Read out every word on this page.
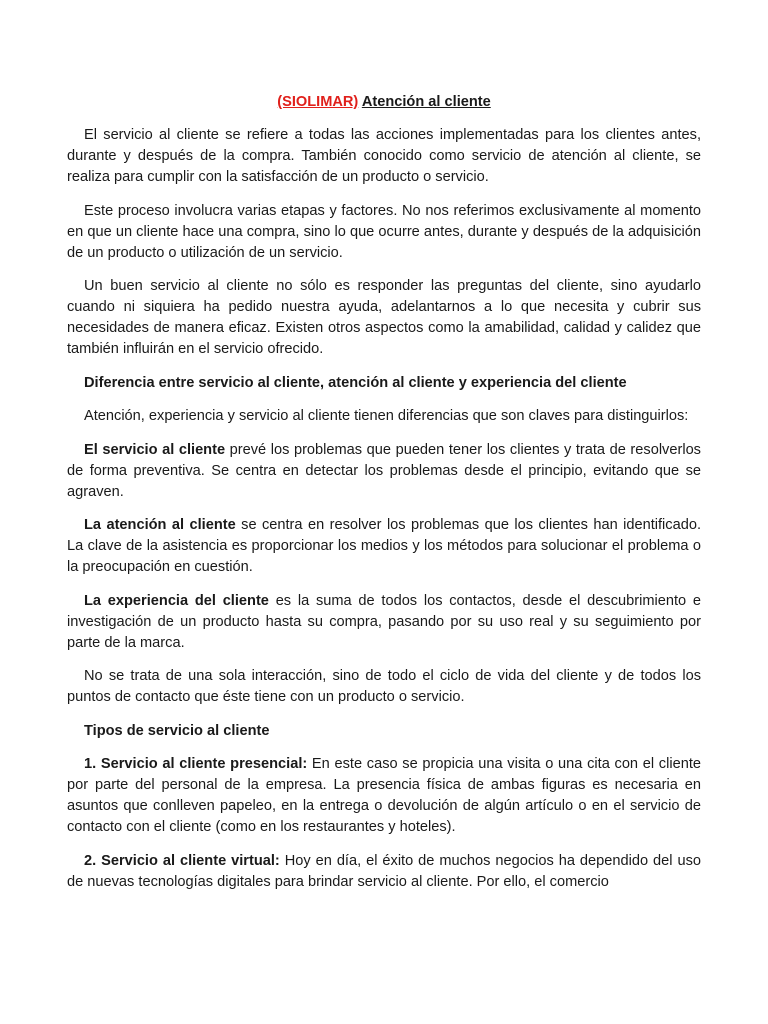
(SIOLIMAR) Atención al cliente

El servicio al cliente se refiere a todas las acciones implementadas para los clientes antes, durante y después de la compra. También conocido como servicio de atención al cliente, se realiza para cumplir con la satisfacción de un producto o servicio.

Este proceso involucra varias etapas y factores. No nos referimos exclusivamente al momento en que un cliente hace una compra, sino lo que ocurre antes, durante y después de la adquisición de un producto o utilización de un servicio.

Un buen servicio al cliente no sólo es responder las preguntas del cliente, sino ayudarlo cuando ni siquiera ha pedido nuestra ayuda, adelantarnos a lo que necesita y cubrir sus necesidades de manera eficaz. Existen otros aspectos como la amabilidad, calidad y calidez que también influirán en el servicio ofrecido.

Diferencia entre servicio al cliente, atención al cliente y experiencia del cliente

Atención, experiencia y servicio al cliente tienen diferencias que son claves para distinguirlos:

El servicio al cliente prevé los problemas que pueden tener los clientes y trata de resolverlos de forma preventiva. Se centra en detectar los problemas desde el principio, evitando que se agraven.

La atención al cliente se centra en resolver los problemas que los clientes han identificado. La clave de la asistencia es proporcionar los medios y los métodos para solucionar el problema o la preocupación en cuestión.

La experiencia del cliente es la suma de todos los contactos, desde el descubrimiento e investigación de un producto hasta su compra, pasando por su uso real y su seguimiento por parte de la marca.

No se trata de una sola interacción, sino de todo el ciclo de vida del cliente y de todos los puntos de contacto que éste tiene con un producto o servicio.

Tipos de servicio al cliente

1. Servicio al cliente presencial: En este caso se propicia una visita o una cita con el cliente por parte del personal de la empresa. La presencia física de ambas figuras es necesaria en asuntos que conlleven papeleo, en la entrega o devolución de algún artículo o en el servicio de contacto con el cliente (como en los restaurantes y hoteles).

2. Servicio al cliente virtual: Hoy en día, el éxito de muchos negocios ha dependido del uso de nuevas tecnologías digitales para brindar servicio al cliente. Por ello, el comercio
